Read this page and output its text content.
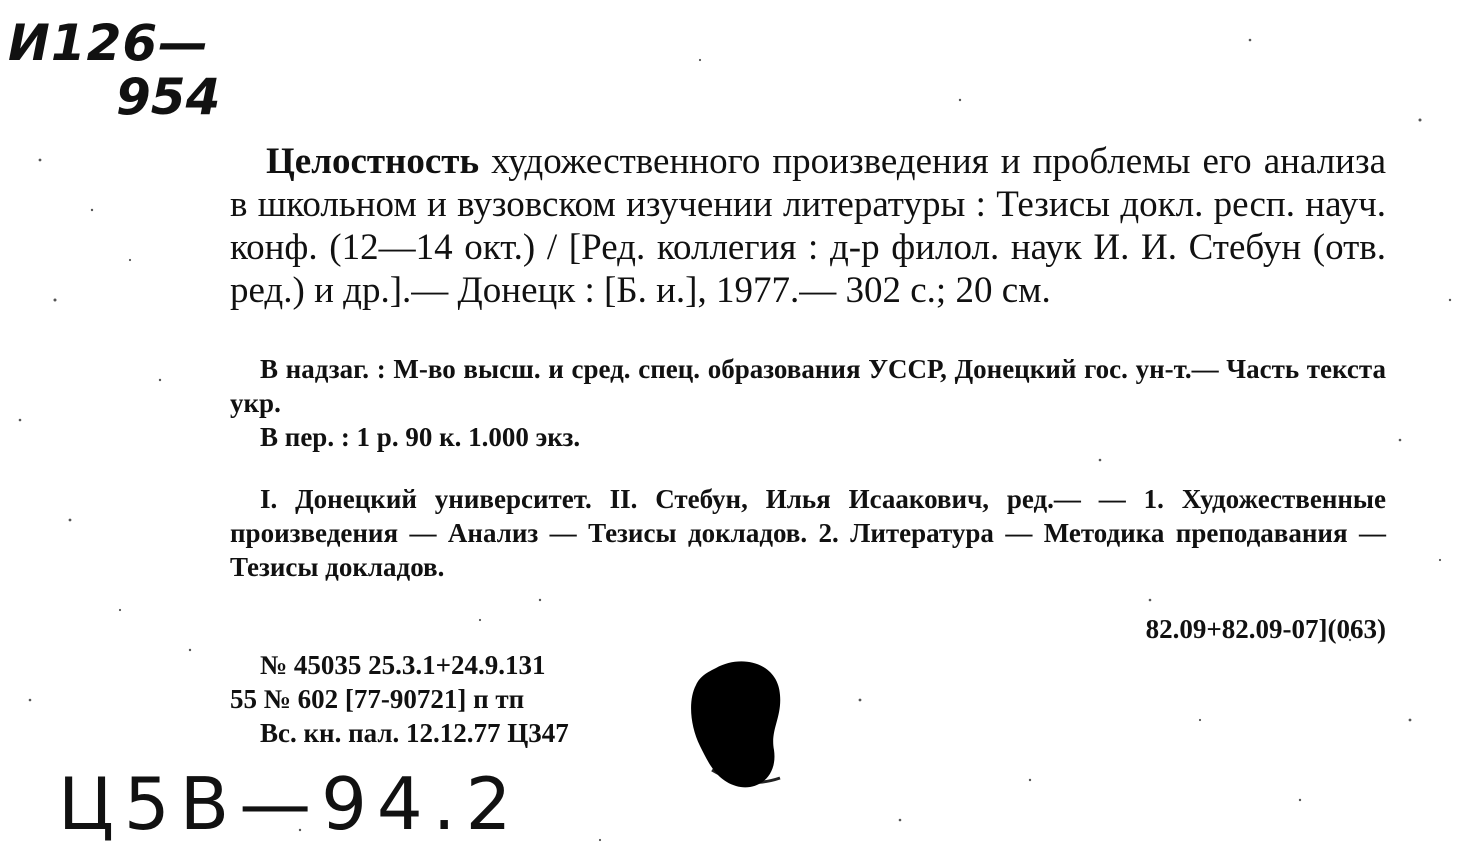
И126—
954
Целостность художественного произведения и проблемы его анализа в школьном и вузовском изучении литературы : Тезисы докл. респ. науч. конф. (12—14 окт.) / [Ред. коллегия : д-р филол. наук И. И. Стебун (отв. ред.) и др.].— Донецк : [Б. и.], 1977.— 302 с.; 20 см.
В надзаг. : М-во высш. и сред. спец. образования УССР, Донецкий гос. ун-т.— Часть текста укр.
В пер. : 1 р. 90 к. 1.000 экз.
I. Донецкий университет. II. Стебун, Илья Исаакович, ред.— — 1. Художественные произведения — Анализ — Тезисы докладов. 2. Литература — Методика преподавания — Тезисы докладов.
82.09+82.09-07](063)
№ 45035 25.3.1+24.9.131
55 № 602 [77-90721] п тп
Вс. кн. пал. 12.12.77 Ц347
Ц5В—94.2
